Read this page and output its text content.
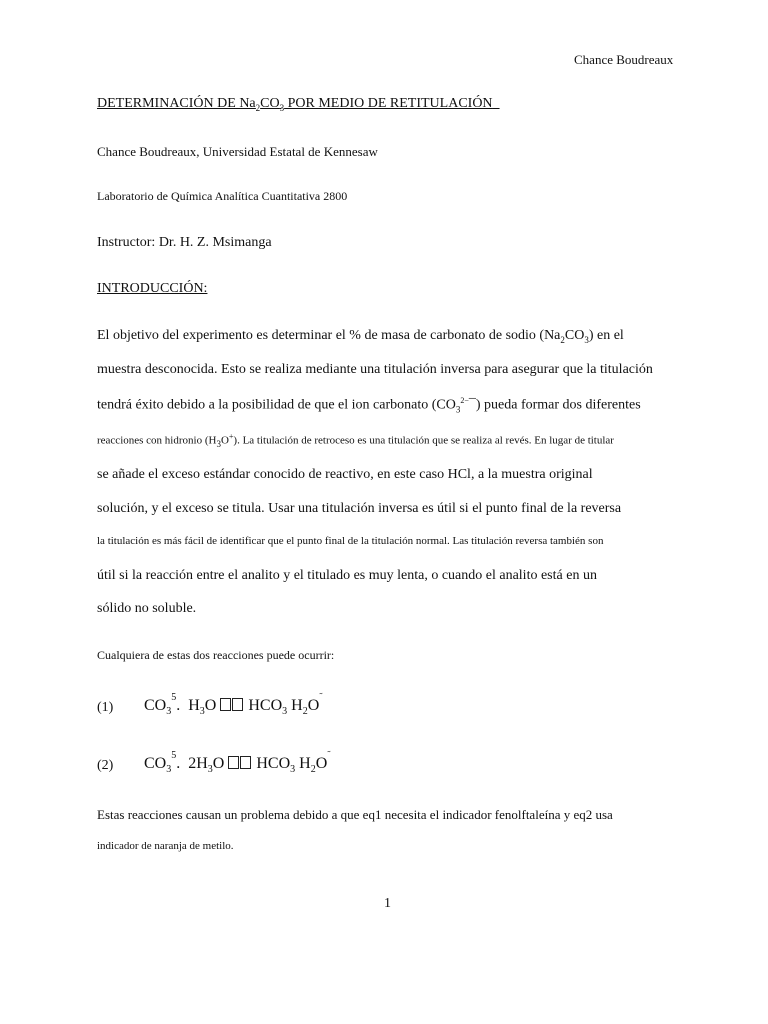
Chance Boudreaux
DETERMINACIÓN DE $Na_2CO_3$ POR MEDIO DE RETITULACIÓN
Chance Boudreaux, Universidad Estatal de Kennesaw
Laboratorio de Química Analítica Cuantitativa 2800
Instructor: Dr. H. Z. Msimanga
INTRODUCCIÓN:
El objetivo del experimento es determinar el % de masa de carbonato de sodio $(Na_2CO_3)$ en el
muestra desconocida. Esto se realiza mediante una titulación inversa para asegurar que la titulación
tendrá éxito debido a la posibilidad de que el ion carbonato $(CO_3^{2-}¯)$ pueda formar dos diferentes
reacciones con hidronio $(H_3O^+)$. La titulación de retroceso es una titulación que se realiza al revés. En lugar de titular
se añade el exceso estándar conocido de reactivo, en este caso HCl, a la muestra original
solución, y el exceso se titula. Usar una titulación inversa es útil si el punto final de la reversa
la titulación es más fácil de identificar que el punto final de la titulación normal. Las titulación reversa también son
útil si la reacción entre el analito y el titulado es muy lenta, o cuando el analito está en un
sólido no soluble.
Cualquiera de estas dos reacciones puede ocurrir:
(1) $CO_3^5$. $H_3O$ $HCO_3$ $H_2O^˜$
(2) $CO_3^5$. $2H_3O$ $HCO_3$ $H_2O^˜$
Estas reacciones causan un problema debido a que eq1 necesita el indicador fenolftaleína y eq2 usa
indicador de naranja de metilo.
1
